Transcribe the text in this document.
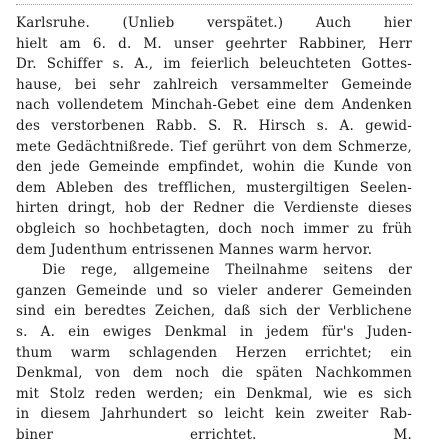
Karlsruhe. (Unlieb verspätet.) Auch hier
hielt am 6. d. M. unser geehrter Rabbiner, Herr
Dr. Schiffer s. A., im feierlich beleuchteten Gottes-
hause, bei sehr zahlreich versammelter Gemeinde
nach vollendetem Minchah-Gebet eine dem Andenken
des verstorbenen Rabb. S. R. Hirsch s. A. gewid-
mete Gedächtnißrede. Tief gerührt von dem Schmerze,
den jede Gemeinde empfindet, wohin die Kunde von
dem Ableben des trefflichen, mustergiltigen Seelen-
hirten dringt, hob der Redner die Verdienste dieses
obgleich so hochbetagten, doch noch immer zu früh
dem Judenthum entrissenen Mannes warm hervor.
Die rege, allgemeine Theilnahme seitens der
ganzen Gemeinde und so vieler anderer Gemeinden
sind ein beredtes Zeichen, daß sich der Verblichene
s. A. ein ewiges Denkmal in jedem für's Juden-
thum warm schlagenden Herzen errichtet; ein
Denkmal, von dem noch die späten Nachkommen
mit Stolz reden werden; ein Denkmal, wie es sich
in diesem Jahrhundert so leicht kein zweiter Rab-
biner errichtet. M.
